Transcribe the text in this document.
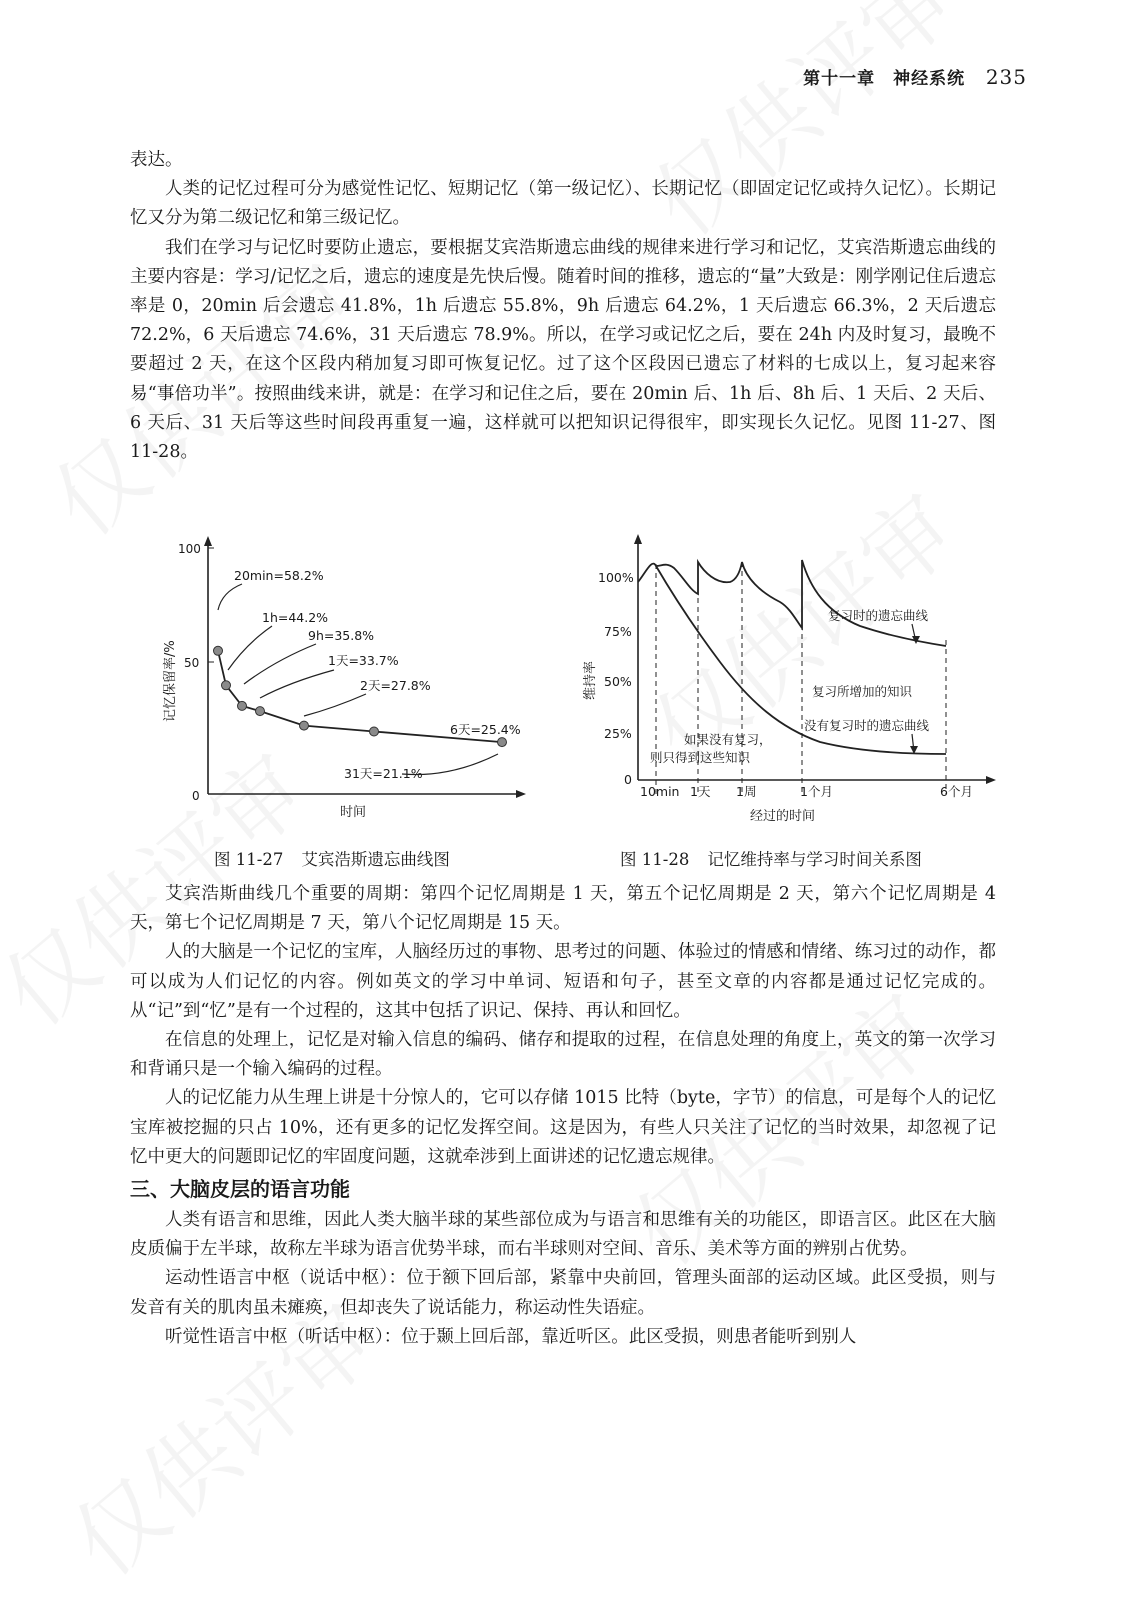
第十一章　神经系统 235

表达。

人类的记忆过程可分为感觉性记忆、短期记忆（第一级记忆）、长期记忆（即固定记忆或持久记忆）。长期记忆又分为第二级记忆和第三级记忆。

我们在学习与记忆时要防止遗忘，要根据艾宾浩斯遗忘曲线的规律来进行学习和记忆，艾宾浩斯遗忘曲线的主要内容是：学习/记忆之后，遗忘的速度是先快后慢。随着时间的推移，遗忘的“量”大致是：刚学刚记住后遗忘率是 0，20min 后会遗忘 41.8%，1h 后遗忘 55.8%，9h 后遗忘 64.2%，1 天后遗忘 66.3%，2 天后遗忘 72.2%，6 天后遗忘 74.6%，31 天后遗忘 78.9%。所以，在学习或记忆之后，要在 24h 内及时复习，最晚不要超过 2 天，在这个区段内稍加复习即可恢复记忆。过了这个区段因已遗忘了材料的七成以上，复习起来容易“事倍功半”。按照曲线来讲，就是：在学习和记住之后，要在 20min 后、1h 后、8h 后、1 天后、2 天后、6 天后、31 天后等这些时间段再重复一遍，这样就可以把知识记得很牢，即实现长久记忆。见图 11-27、图 11-28。

100
50
0
记忆保留率/%
时间
20min=58.2%
1h=44.2%
9h=35.8%
1天=33.7%
2天=27.8%
6天=25.4%
31天=21.1%
100%
75%
50%
25%
0
维持率
10min 1天 1周	1个月	6个月
经过的时间
复习时的遗忘曲线
复习所增加的知识
没有复习时的遗忘曲线
如果没有复习，
则只得到这些知识
图 11-27 艾宾浩斯遗忘曲线图	图 11-28 记忆维持率与学习时间关系图

艾宾浩斯曲线几个重要的周期：第四个记忆周期是 1 天，第五个记忆周期是 2 天，第六个记忆周期是 4 天，第七个记忆周期是 7 天，第八个记忆周期是 15 天。

人的大脑是一个记忆的宝库，人脑经历过的事物、思考过的问题、体验过的情感和情绪、练习过的动作，都可以成为人们记忆的内容。例如英文的学习中单词、短语和句子，甚至文章的内容都是通过记忆完成的。从“记”到“忆”是有一个过程的，这其中包括了识记、保持、再认和回忆。

在信息的处理上，记忆是对输入信息的编码、储存和提取的过程，在信息处理的角度上，英文的第一次学习和背诵只是一个输入编码的过程。

人的记忆能力从生理上讲是十分惊人的，它可以存储 1015 比特（byte，字节）的信息，可是每个人的记忆宝库被挖掘的只占 10%，还有更多的记忆发挥空间。这是因为，有些人只关注了记忆的当时效果，却忽视了记忆中更大的问题即记忆的牢固度问题，这就牵涉到上面讲述的记忆遗忘规律。

三、大脑皮层的语言功能

人类有语言和思维，因此人类大脑半球的某些部位成为与语言和思维有关的功能区，即语言区。此区在大脑皮质偏于左半球，故称左半球为语言优势半球，而右半球则对空间、音乐、美术等方面的辨别占优势。

运动性语言中枢（说话中枢）：位于额下回后部，紧靠中央前回，管理头面部的运动区域。此区受损，则与发音有关的肌肉虽未瘫痪，但却丧失了说话能力，称运动性失语症。

听觉性语言中枢（听话中枢）：位于颞上回后部，靠近听区。此区受损，则患者能听到别人
